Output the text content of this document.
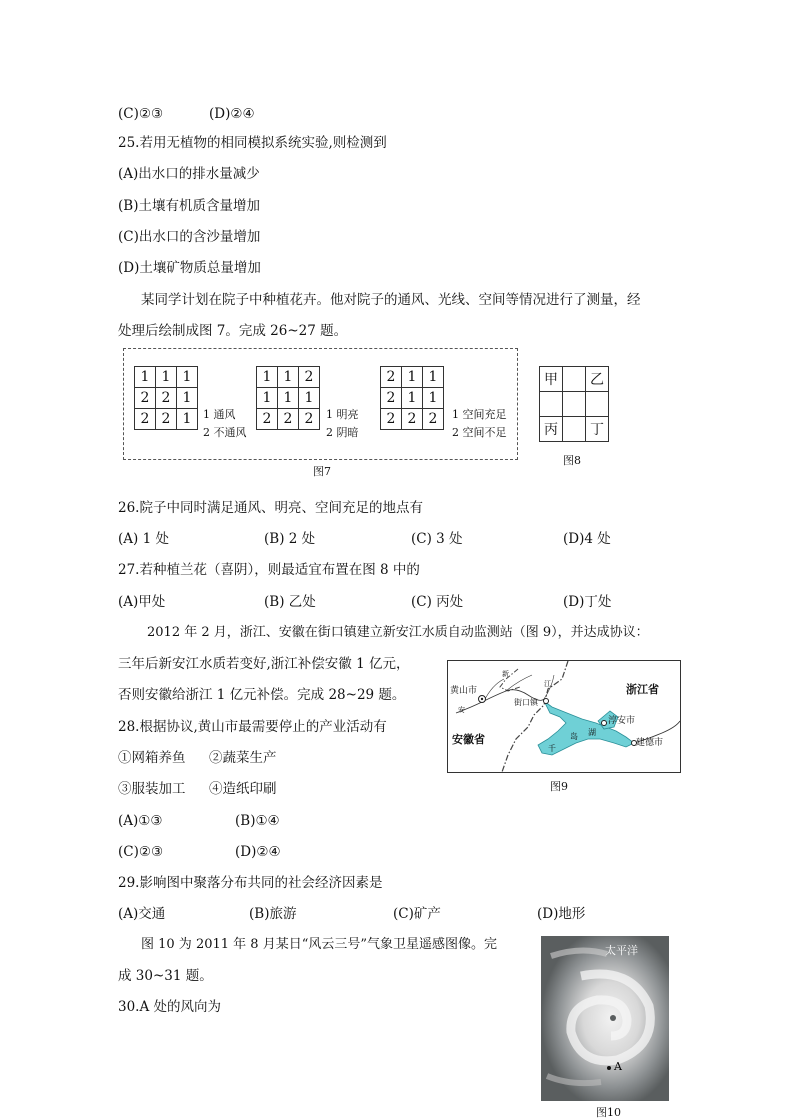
(C)②③	(D)②④
25.若用无植物的相同模拟系统实验,则检测到
(A)出水口的排水量减少
(B)土壤有机质含量增加
(C)出水口的含沙量增加
(D)土壤矿物质总量增加
某同学计划在院子中种植花卉。他对院子的通风、光线、空间等情况进行了测量，经
处理后绘制成图 7。完成 26~27 题。
1	1	1
2	2	1
2	2	1 1 通风
2 不通风
1	1	2
1	1	1
2	2	2 1 明亮
2 阴暗
2	1	1
2	1	1
2	2	2 1 空间充足
2 空间不足
图7
甲		乙

丙		丁
图8
26.院子中同时满足通风、明亮、空间充足的地点有
(A) 1 处	(B) 2 处	(C) 3 处	(D)4 处
27.若种植兰花（喜阴），则最适宜布置在图 8 中的
(A)甲处	(B) 乙处	(C) 丙处	(D)丁处
2012 年 2 月，浙江、安徽在街口镇建立新安江水质自动监测站（图 9），并达成协议：
三年后新安江水质若变好,浙江补偿安徽 1 亿元，
否则安徽给浙江 1 亿元补偿。完成 28~29 题。	黄山市
街口镇
浙江省
安徽省
淳安市
建德市
新
安
江
千
岛 湖
图9
28.根据协议,黄山市最需要停止的产业活动有
①网箱养鱼 ②蔬菜生产
③服装加工 ④造纸印刷
(A)①③	(B)①④
(C)②③	(D)②④
29.影响图中聚落分布共同的社会经济因素是
(A)交通	(B)旅游	(C)矿产	(D)地形
图 10 为 2011 年 8 月某日“风云三号”气象卫星遥感图像。完
成 30~31 题。
30.A 处的风向为
太平洋
A
图10
